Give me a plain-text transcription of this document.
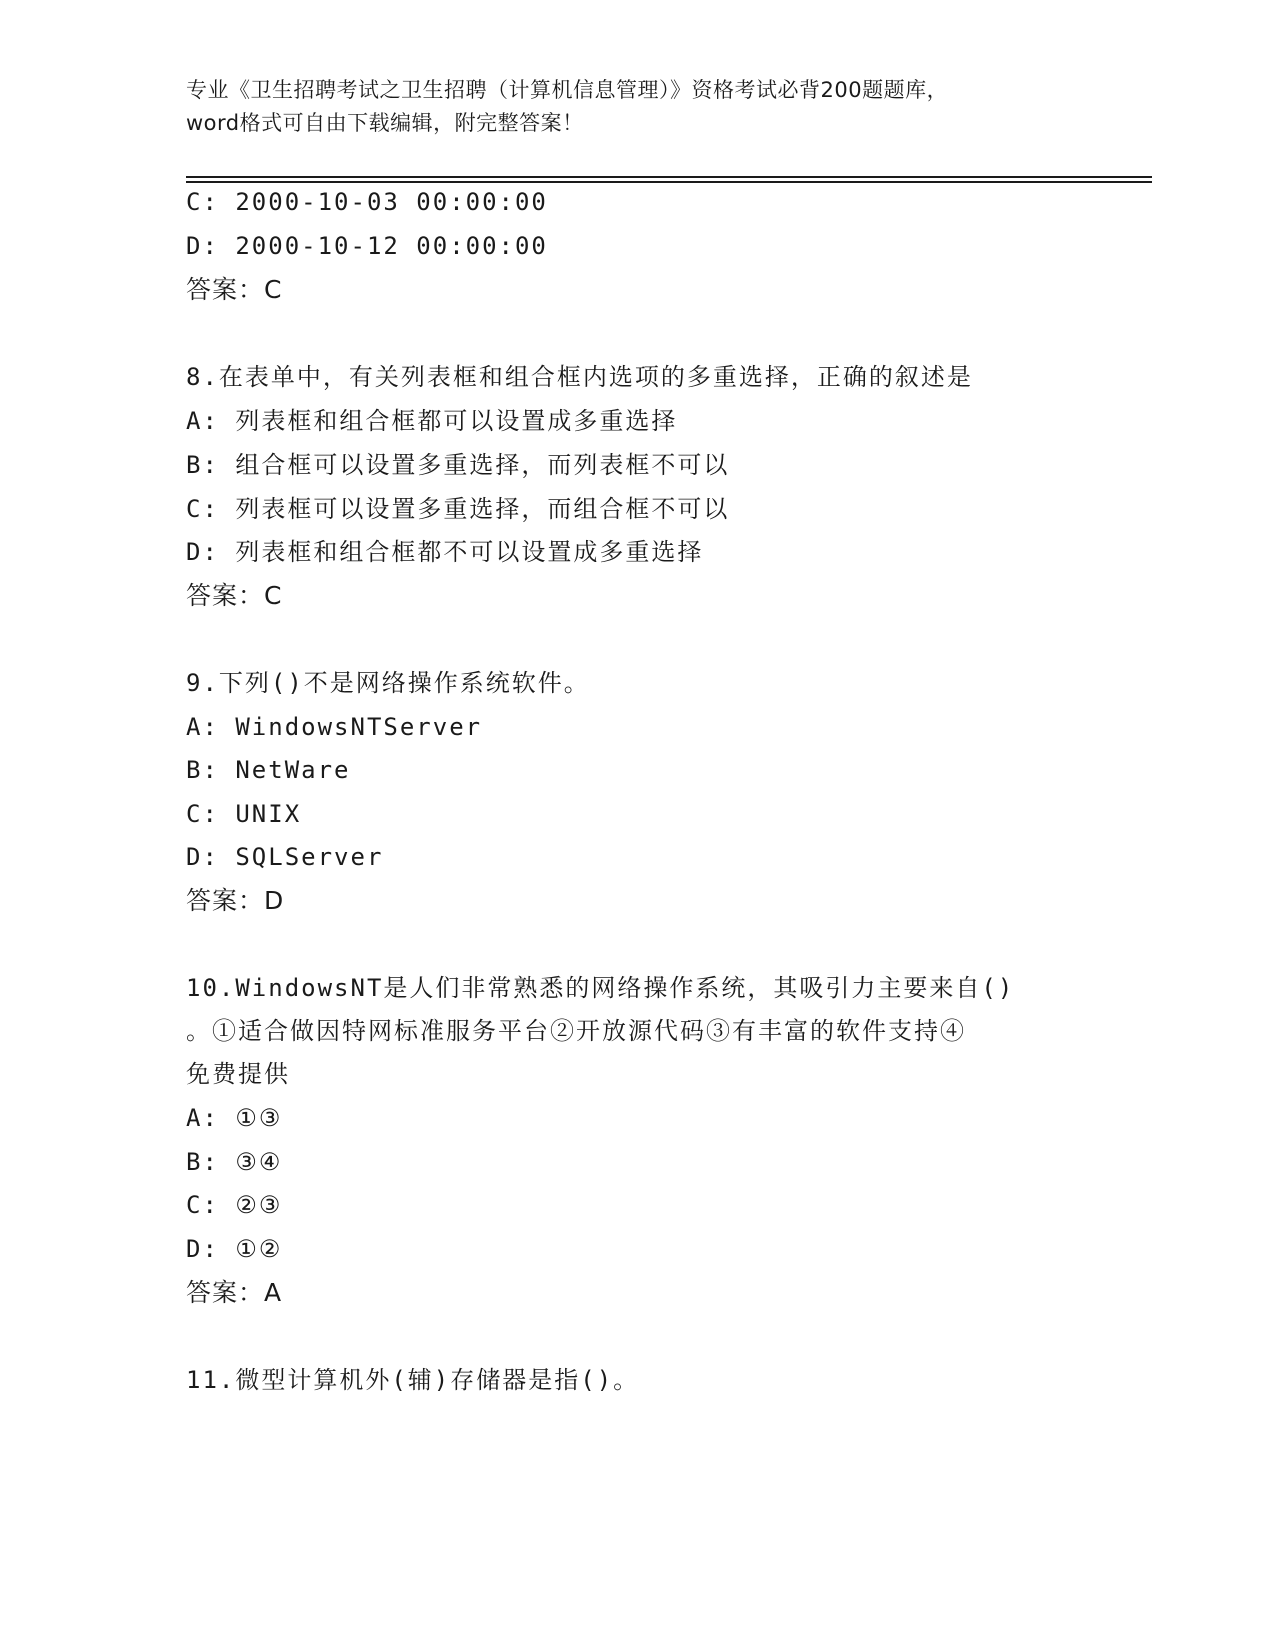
专业《卫生招聘考试之卫生招聘（计算机信息管理）》资格考试必背200题题库，
word格式可自由下载编辑，附完整答案！
C: 2000-10-03 00:00:00
D: 2000-10-12 00:00:00
答案：C
8.在表单中，有关列表框和组合框内选项的多重选择，正确的叙述是
A: 列表框和组合框都可以设置成多重选择
B: 组合框可以设置多重选择，而列表框不可以
C: 列表框可以设置多重选择，而组合框不可以
D: 列表框和组合框都不可以设置成多重选择
答案：C
9.下列()不是网络操作系统软件。
A: WindowsNTServer
B: NetWare
C: UNIX
D: SQLServer
答案：D
10.WindowsNT是人们非常熟悉的网络操作系统，其吸引力主要来自()
。①适合做因特网标准服务平台②开放源代码③有丰富的软件支持④
免费提供
A: ①③
B: ③④
C: ②③
D: ①②
答案：A
11.微型计算机外(辅)存储器是指()。
